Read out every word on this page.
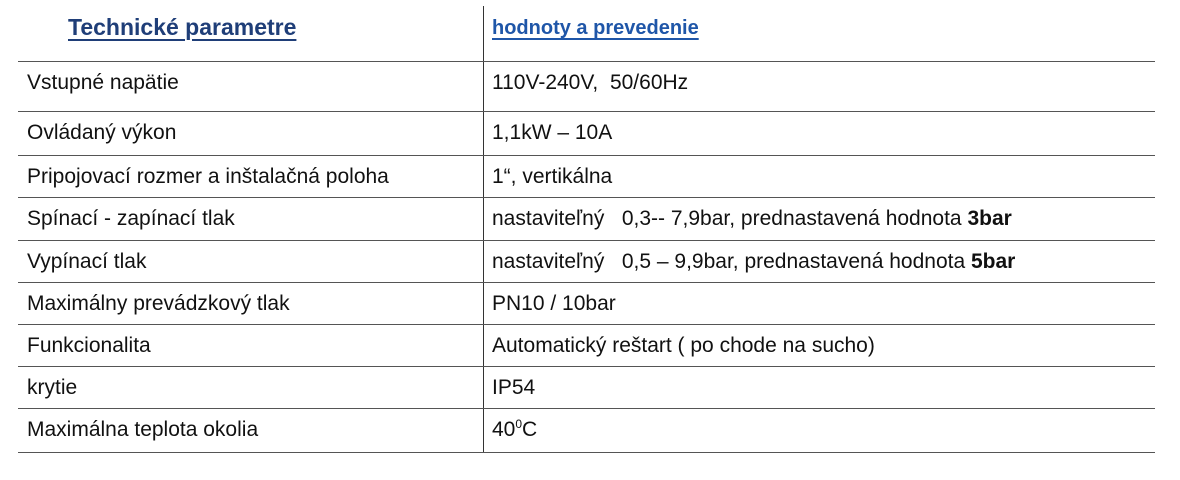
Technické parametre	hodnoty a prevedenie
Vstupné napätie	110V-240V,  50/60Hz
Ovládaný výkon	1,1kW – 10A
Pripojovací rozmer a inštalačná poloha	1“, vertikálna
Spínací - zapínací tlak	nastaviteľný   0,3-- 7,9bar, prednastavená hodnota 3bar
Vypínací tlak	nastaviteľný   0,5 – 9,9bar, prednastavená hodnota 5bar
Maximálny prevádzkový tlak	PN10 / 10bar
Funkcionalita	Automatický reštart ( po chode na sucho)
krytie	IP54
Maximálna teplota okolia	$40^0C$
